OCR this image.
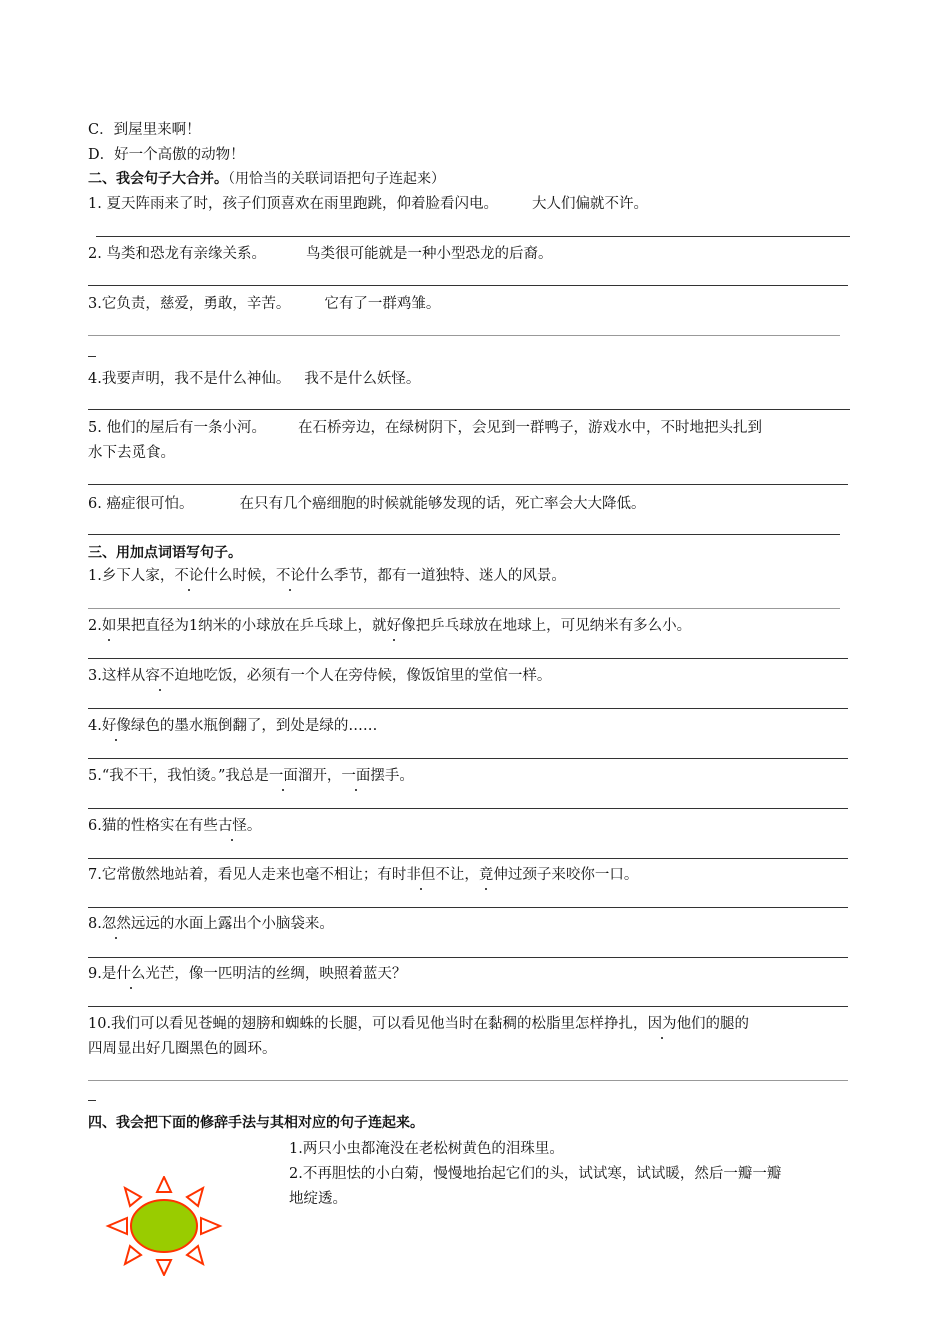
C．到屋里来啊！
D．好一个高傲的动物！
二、我会句子大合并。（用恰当的关联词语把句子连起来）
1. 夏天阵雨来了时，孩子们顶喜欢在雨里跑跳，仰着脸看闪电。 大人们偏就不许。
2. 鸟类和恐龙有亲缘关系。	鸟类很可能就是一种小型恐龙的后裔。
3.它负责，慈爱，勇敢，辛苦。 它有了一群鸡雏。
4.我要声明，我不是什么神仙。 我不是什么妖怪。
5. 他们的屋后有一条小河。 在石桥旁边，在绿树阴下，会见到一群鸭子，游戏水中，不时地把头扎到
水下去觅食。
6. 癌症很可怕。	在只有几个癌细胞的时候就能够发现的话，死亡率会大大降低。
三、用加点词语写句子。
1.乡下人家，不论什么时候，不论什么季节，都有一道独特、迷人的风景。
2.如果把直径为1纳米的小球放在乒乓球上，就好像把乒乓球放在地球上，可见纳米有多么小。
3.这样从容不迫地吃饭，必须有一个人在旁侍候，像饭馆里的堂倌一样。
4.好像绿色的墨水瓶倒翻了，到处是绿的……
5.“我不干，我怕烫。”我总是一面溜开，一面摆手。
6.猫的性格实在有些古怪。
7.它常傲然地站着，看见人走来也毫不相让；有时非但不让，竟伸过颈子来咬你一口。
8.忽然远远的水面上露出个小脑袋来。
9.是什么光芒，像一匹明洁的丝绸，映照着蓝天？
10.我们可以看见苍蝇的翅膀和蜘蛛的长腿，可以看见他当时在黏稠的松脂里怎样挣扎，因为他们的腿的
四周显出好几圈黑色的圆环。
四、我会把下面的修辞手法与其相对应的句子连起来。
1.两只小虫都淹没在老松树黄色的泪珠里。
2.不再胆怯的小白菊，慢慢地抬起它们的头，试试寒，试试暖，然后一瓣一瓣
地绽透。
